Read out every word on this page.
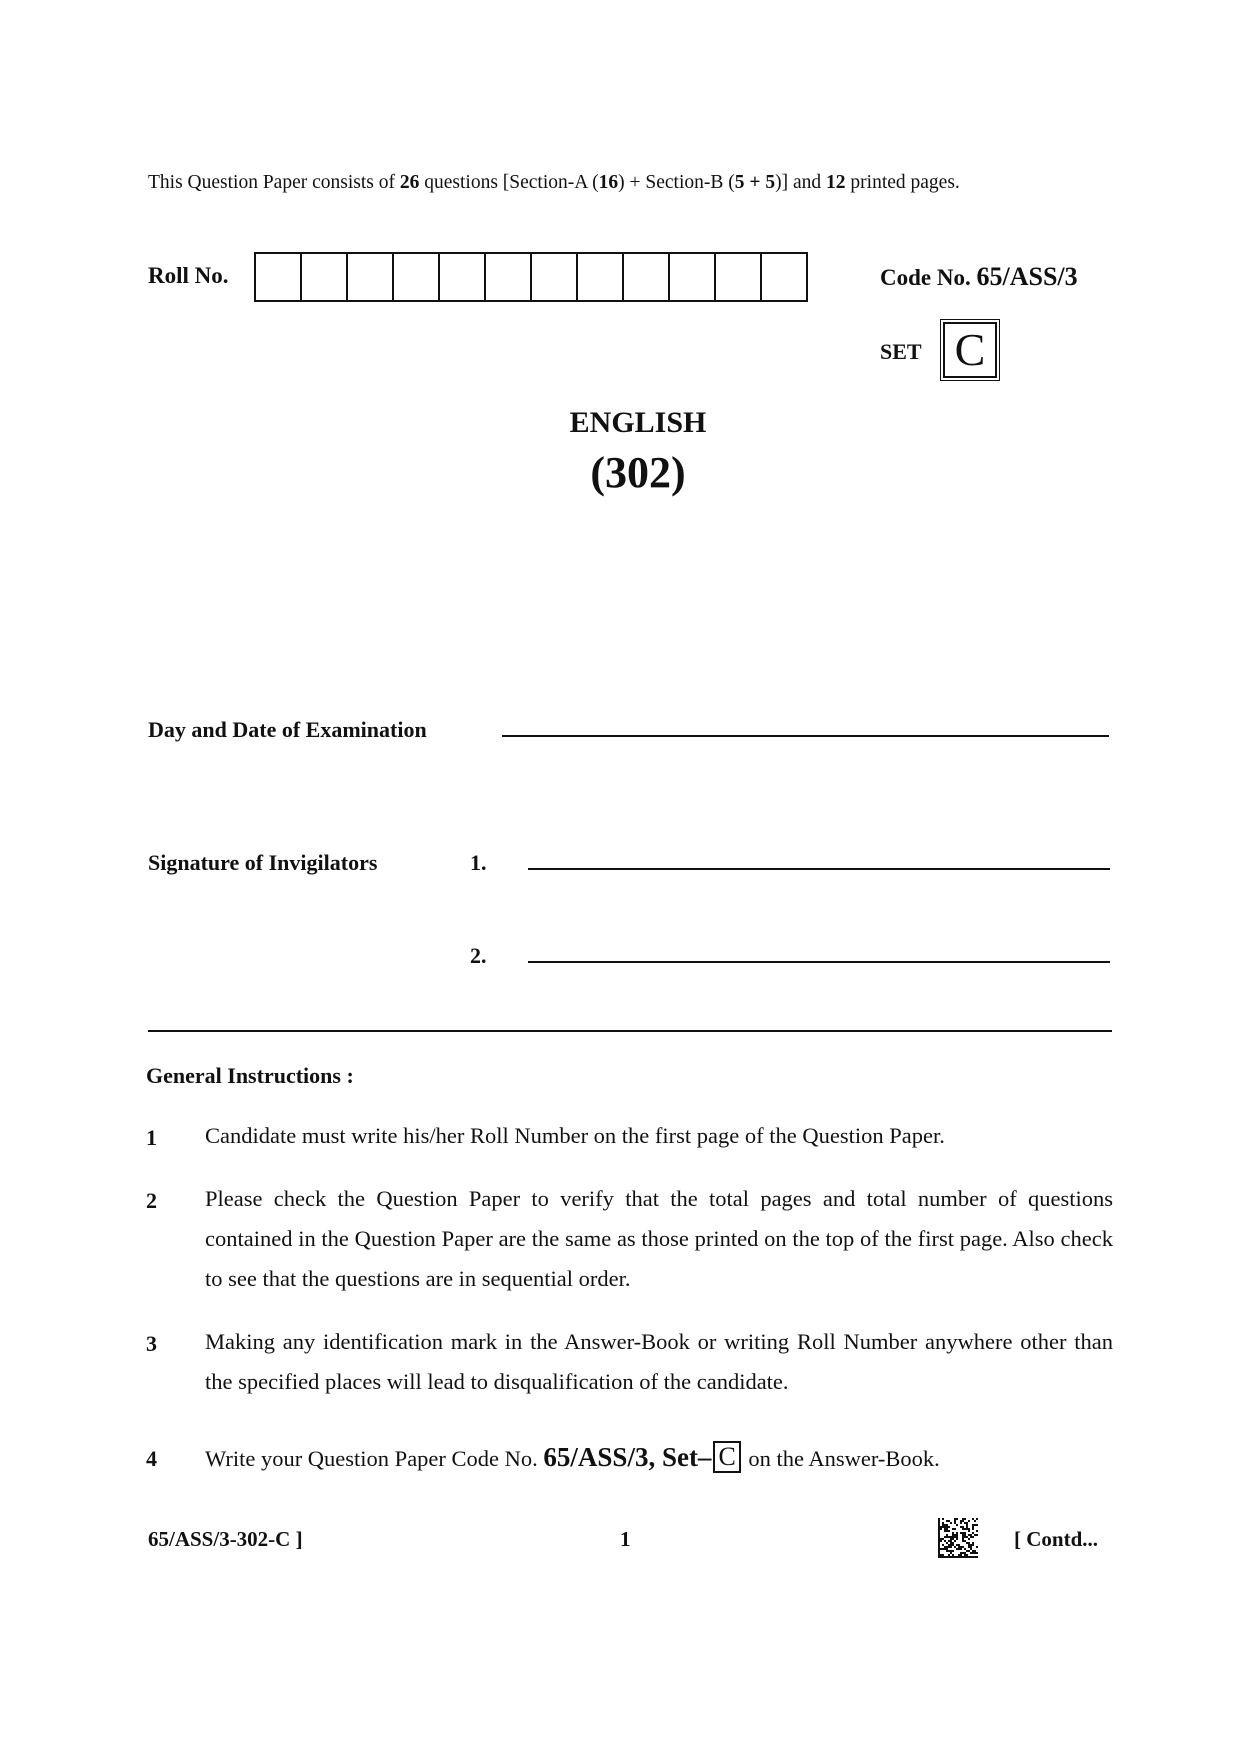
This Question Paper consists of 26 questions [Section-A (16) + Section-B (5 + 5)] and 12 printed pages.
Roll No.	Code No. 65/ASS/3
SET C
ENGLISH
(302)
Day and Date of Examination
Signature of Invigilators	1.
2.
General Instructions :
1 Candidate must write his/her Roll Number on the first page of the Question Paper.
2 Please check the Question Paper to verify that the total pages and total number of questions contained in the Question Paper are the same as those printed on the top of the first page. Also check to see that the questions are in sequential order.
3 Making any identification mark in the Answer-Book or writing Roll Number anywhere other than the specified places will lead to disqualification of the candidate.
4 Write your Question Paper Code No. 65/ASS/3, Set– C on the Answer-Book.
65/ASS/3-302-C ]	1	[ Contd...
